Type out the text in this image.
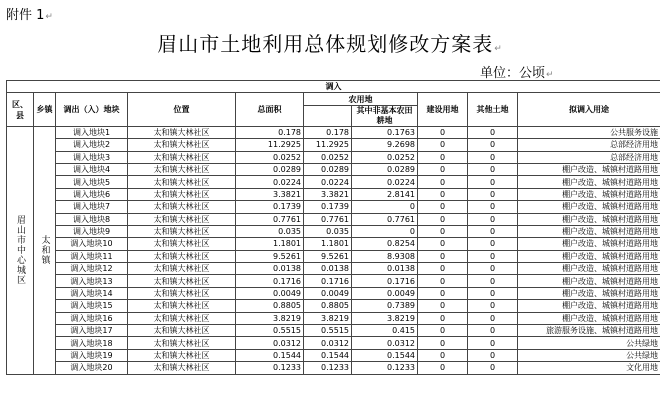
附件 1↵
眉山市土地利用总体规划修改方案表↵
单位：公顷↵
调入									
区、县	乡镇	调出（入）地块	位置	总面积	农用地		建设用地	其他土地	拟调入用途
						其中非基本农田耕地			
眉山市中心城区	太和镇	调入地块1	太和镇大林社区	0.178	0.178	0.1763	0	0	公共服务设施
		调入地块2	太和镇大林社区	11.2925	11.2925	9.2698	0	0	总部经济用地
		调入地块3	太和镇大林社区	0.0252	0.0252	0.0252	0	0	总部经济用地
		调入地块4	太和镇大林社区	0.0289	0.0289	0.0289	0	0	棚户改造、城镇村道路用地
		调入地块5	太和镇大林社区	0.0224	0.0224	0.0224	0	0	棚户改造、城镇村道路用地
		调入地块6	太和镇大林社区	3.3821	3.3821	2.8141	0	0	棚户改造、城镇村道路用地
		调入地块7	太和镇大林社区	0.1739	0.1739	0	0	0	棚户改造、城镇村道路用地
		调入地块8	太和镇大林社区	0.7761	0.7761	0.7761	0	0	棚户改造、城镇村道路用地
		调入地块9	太和镇大林社区	0.035	0.035	0	0	0	棚户改造、城镇村道路用地
		调入地块10	太和镇大林社区	1.1801	1.1801	0.8254	0	0	棚户改造、城镇村道路用地
		调入地块11	太和镇大林社区	9.5261	9.5261	8.9308	0	0	棚户改造、城镇村道路用地
		调入地块12	太和镇大林社区	0.0138	0.0138	0.0138	0	0	棚户改造、城镇村道路用地
		调入地块13	太和镇大林社区	0.1716	0.1716	0.1716	0	0	棚户改造、城镇村道路用地
		调入地块14	太和镇大林社区	0.0049	0.0049	0.0049	0	0	棚户改造、城镇村道路用地
		调入地块15	太和镇大林社区	0.8805	0.8805	0.7389	0	0	棚户改造、城镇村道路用地
		调入地块16	太和镇大林社区	3.8219	3.8219	3.8219	0	0	棚户改造、城镇村道路用地
		调入地块17	太和镇大林社区	0.5515	0.5515	0.415	0	0	旅游服务设施、城镇村道路用地
		调入地块18	太和镇大林社区	0.0312	0.0312	0.0312	0	0	公共绿地
		调入地块19	太和镇大林社区	0.1544	0.1544	0.1544	0	0	公共绿地
		调入地块20	太和镇大林社区	0.1233	0.1233	0.1233	0	0	文化用地
